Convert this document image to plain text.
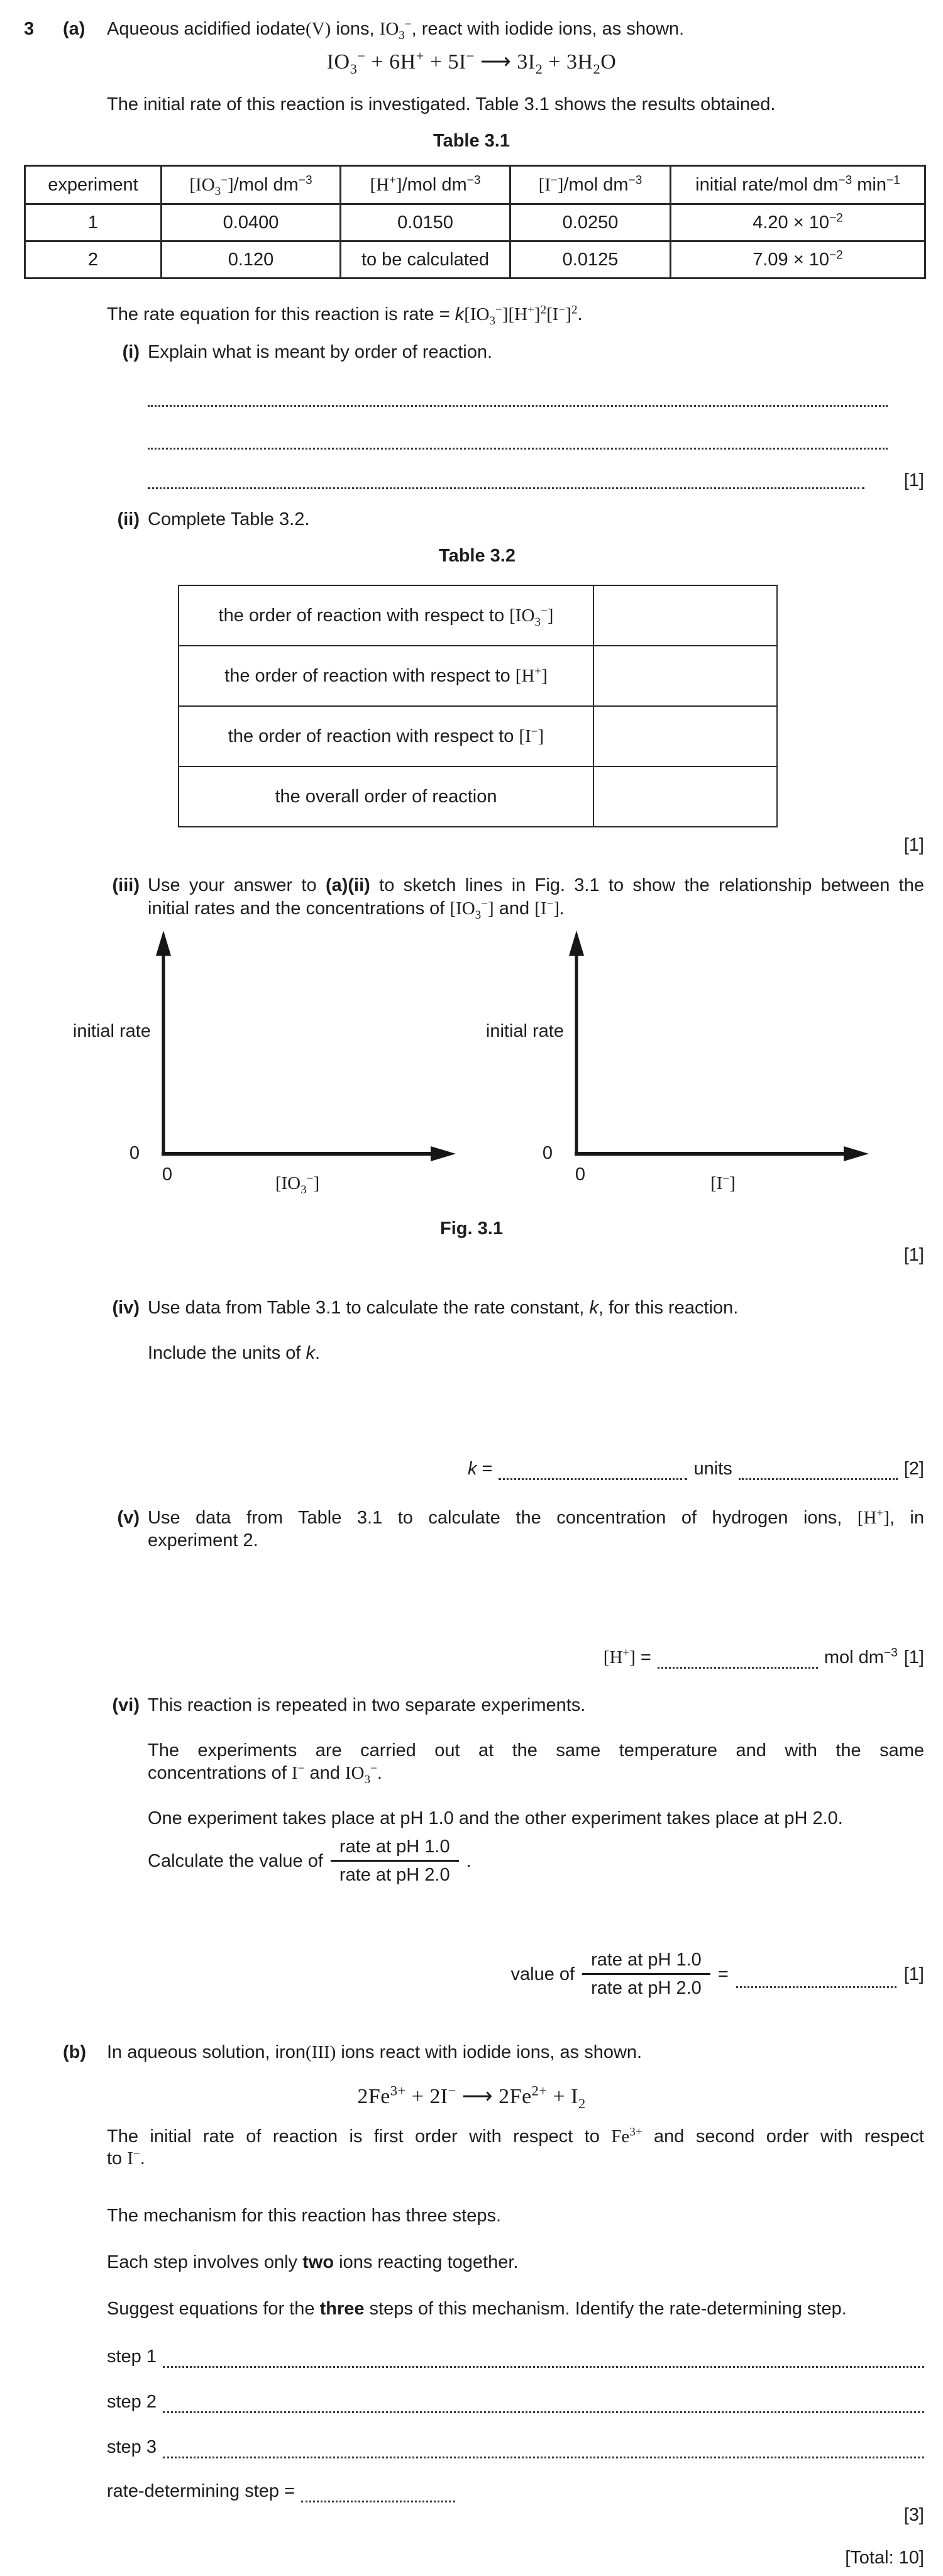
3 (a) Aqueous acidified iodate(V) ions, $IO_3^-$, react with iodide ions, as shown.
$IO_3^- + 6H^+ + 5I^-$ ⟶ $3I_2 + 3H_2O$
The initial rate of this reaction is investigated. Table 3.1 shows the results obtained.
Table 3.1
experiment	$[IO_3^-]$/mol $dm^{-3}$	[H+]/mol $dm^{-3}$	[I−]/mol $dm^{-3}$	initial rate/mol $dm^{-3}$ $\min^{-1}$
1	0.0400	0.0150	0.0250	$4.20 \times 10^{-2}$
2	0.120	to be calculated	0.0125	$7.09 \times 10^{-2}$
The rate equation for this reaction is rate = $k[IO_3^-][H^+]^2[I^-]^2$.
(i) Explain what is meant by order of reaction.
[1]
(ii) Complete Table 3.2.
Table 3.2
the order of reaction with respect to $[IO_3^-]$	
the order of reaction with respect to [H+]	
the order of reaction with respect to [I−]	
the overall order of reaction	
[1]
(iii) Use your answer to (a)(ii) to sketch lines in Fig. 3.1 to show the relationship between the
initial rates and the concentrations of $[IO_3^-]$ and [I−].
initial rate
0
0	$[IO_3^-]$
initial rate
0
0	[I−]
Fig. 3.1
[1]
(iv) Use data from Table 3.1 to calculate the rate constant, k, for this reaction.
Include the units of k.
k =	units	[2]
(v) Use data from Table 3.1 to calculate the concentration of hydrogen ions, [H+], in
experiment 2.
[H+] =	mol $dm^{-3}$ [1]
(vi) This reaction is repeated in two separate experiments.
The experiments are carried out at the same temperature and with the same
concentrations of I− and $IO_3^-$.
One experiment takes place at pH 1.0 and the other experiment takes place at pH 2.0.
Calculate the value of $\frac{\text{rate at pH 1.0}}{\text{rate at pH 2.0}}$ .
value of $\frac{\text{rate at pH 1.0}}{\text{rate at pH 2.0}}$ =	[1]
(b) In aqueous solution, iron(III) ions react with iodide ions, as shown.
$2Fe^{3+} + 2I^-$ ⟶ $2Fe^{2+} + I_2$
The initial rate of reaction is first order with respect to $Fe^{3+}$ and second order with respect
to I−.
The mechanism for this reaction has three steps.
Each step involves only two ions reacting together.
Suggest equations for the three steps of this mechanism. Identify the rate-determining step.
step 1
step 2
step 3
rate-determining step =
[3]
[Total: 10]
